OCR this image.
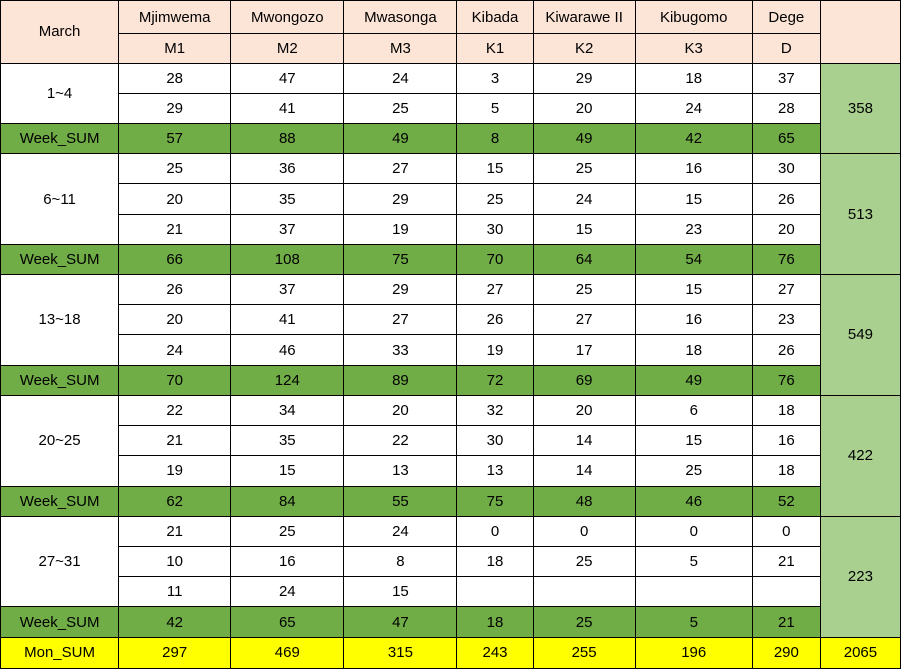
March	Mjimwema	Mwongozo	Mwasonga	Kibada	Kiwarawe II	Kibugomo	Dege	
	M1	M2	M3	K1	K2	K3	D	
1~4	28	47	24	3	29	18	37	358
	29	41	25	5	20	24	28	
Week_SUM	57	88	49	8	49	42	65	
6~11	25	36	27	15	25	16	30	513
	20	35	29	25	24	15	26	
	21	37	19	30	15	23	20	
Week_SUM	66	108	75	70	64	54	76	
13~18	26	37	29	27	25	15	27	549
	20	41	27	26	27	16	23	
	24	46	33	19	17	18	26	
Week_SUM	70	124	89	72	69	49	76	
20~25	22	34	20	32	20	6	18	422
	21	35	22	30	14	15	16	
	19	15	13	13	14	25	18	
Week_SUM	62	84	55	75	48	46	52	
27~31	21	25	24	0	0	0	0	223
	10	16	8	18	25	5	21	
	11	24	15					
Week_SUM	42	65	47	18	25	5	21	
Mon_SUM	297	469	315	243	255	196	290	2065
